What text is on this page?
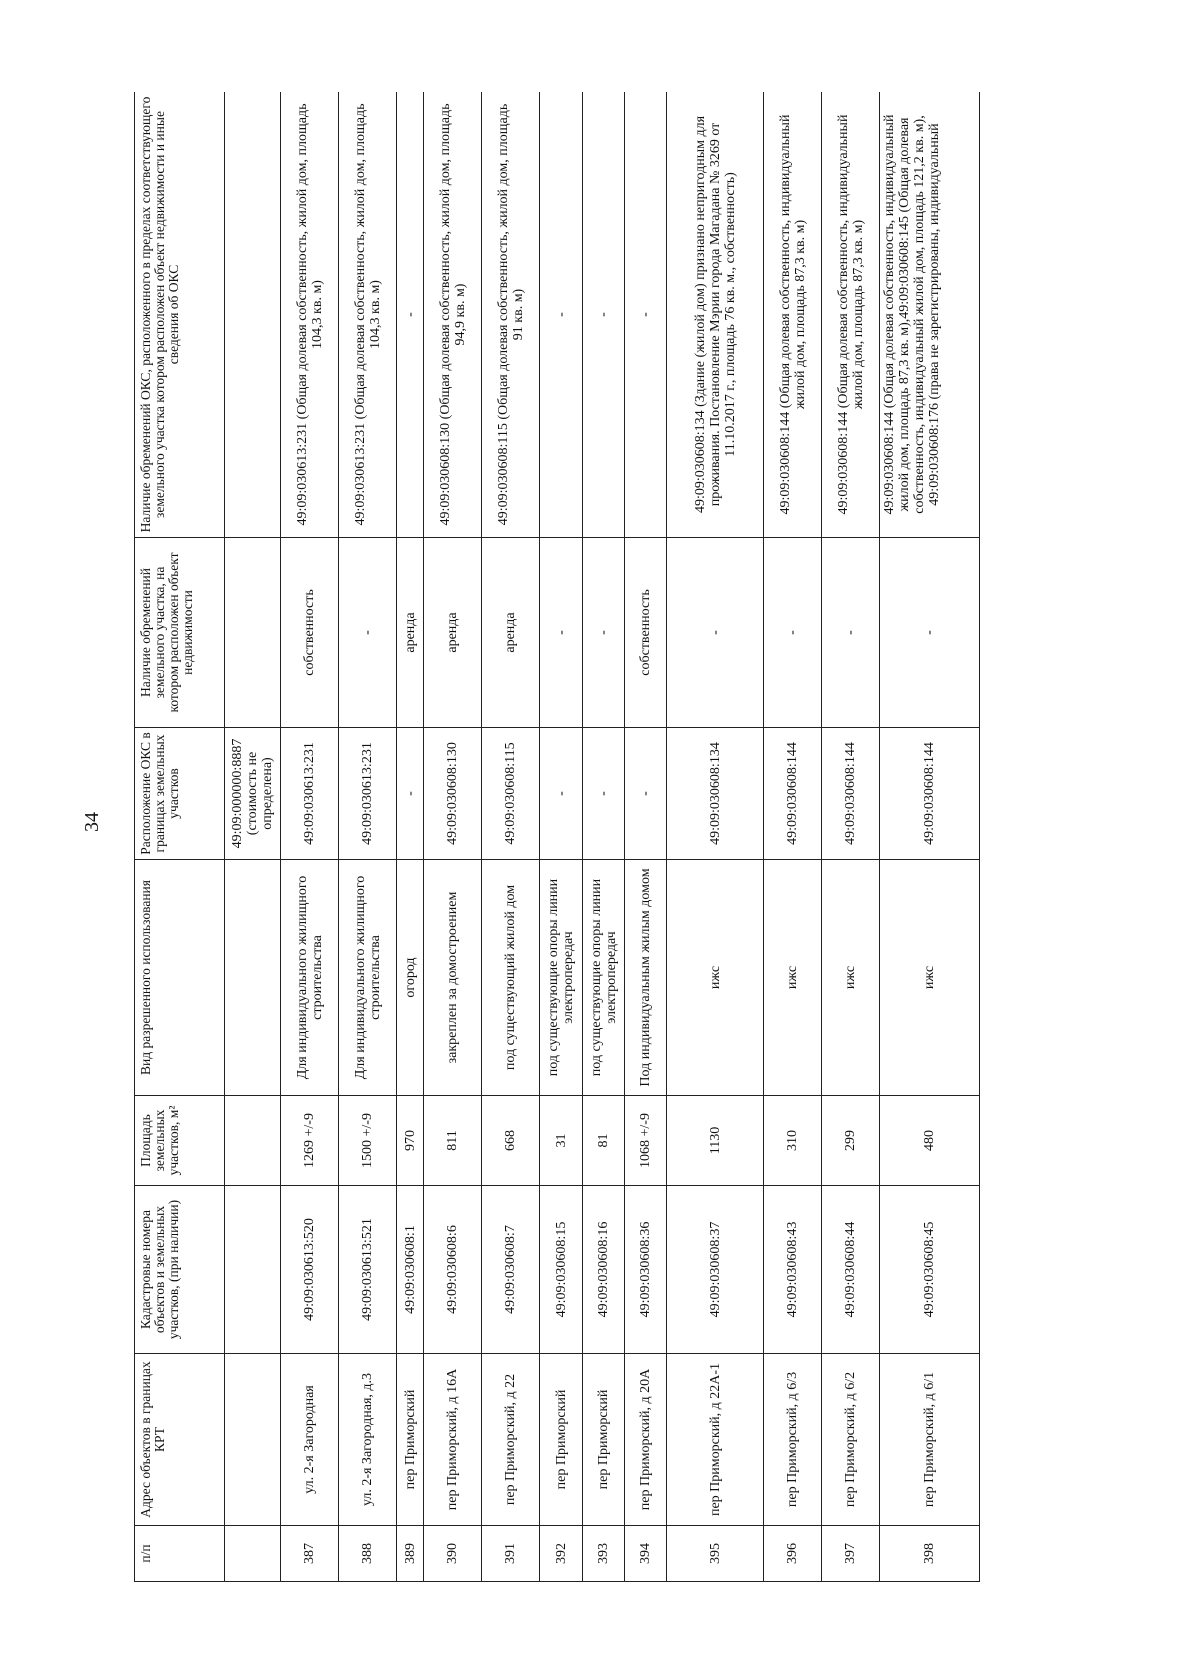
34
п/п	Адрес объектов в границах КРТ	Кадастровые номера объектов и земельных участков, (при наличии)	Площадь земельных участков, м²	Вид разрешенного использования	Расположение ОКС в границах земельных участков	Наличие обременений земельного участка, на котором расположен объект недвижимости	Наличие обременений ОКС, расположенного в пределах соответствующего земельного участка котором расположен объект недвижимости и иные сведения об ОКС
					49:09:000000:8887 (стоимость не определена)		
387	ул. 2-я Загородная	49:09:030613:520	1269 +/-9	Для индивидуального жилищного строительства	49:09:030613:231	собственность	49:09:030613:231 (Общая долевая собственность, жилой дом, площадь 104,3 кв. м)
388	ул. 2-я Загородная, д.3	49:09:030613:521	1500 +/-9	Для индивидуального жилищного строительства	49:09:030613:231	-	49:09:030613:231 (Общая долевая собственность, жилой дом, площадь 104,3 кв. м)
389	пер Приморский	49:09:030608:1	970	огород	-	аренда	-
390	пер Приморский, д 16А	49:09:030608:6	811	закреплен за домостроением	49:09:030608:130	аренда	49:09:030608:130 (Общая долевая собственность, жилой дом, площадь 94,9 кв. м)
391	пер Приморский, д 22	49:09:030608:7	668	под существующий жилой дом	49:09:030608:115	аренда	49:09:030608:115 (Общая долевая собственность, жилой дом, площадь 91 кв. м)
392	пер Приморский	49:09:030608:15	31	под существующие опоры линии электропередач	-	-	-
393	пер Приморский	49:09:030608:16	81	под существующие опоры линии электропередач	-	-	-
394	пер Приморский, д 20А	49:09:030608:36	1068 +/-9	Под индивидуальным жилым домом	-	собственность	-
395	пер Приморский, д 22А-1	49:09:030608:37	1130	ижс	49:09:030608:134	-	49:09:030608:134 (Здание (жилой дом) признано непригодным для проживания. Постановление Мэрии города Магадана № 3269 от 11.10.2017 г., площадь 76 кв. м., собственность)
396	пер Приморский, д 6/3	49:09:030608:43	310	ижс	49:09:030608:144	-	49:09:030608:144 (Общая долевая собственность, индивидуальный жилой дом, площадь 87,3 кв. м)
397	пер Приморский, д 6/2	49:09:030608:44	299	ижс	49:09:030608:144	-	49:09:030608:144 (Общая долевая собственность, индивидуальный жилой дом, площадь 87,3 кв. м)
398	пер Приморский, д 6/1	49:09:030608:45	480	ижс	49:09:030608:144	-	49:09:030608:144 (Общая долевая собственность, индивидуальный жилой дом, площадь 87,3 кв. м),49:09:030608:145 (Общая долевая собственность, индивидуальный жилой дом, площадь 121,2 кв. м), 49:09:030608:176 (права не зарегистрированы, индивидуальный
